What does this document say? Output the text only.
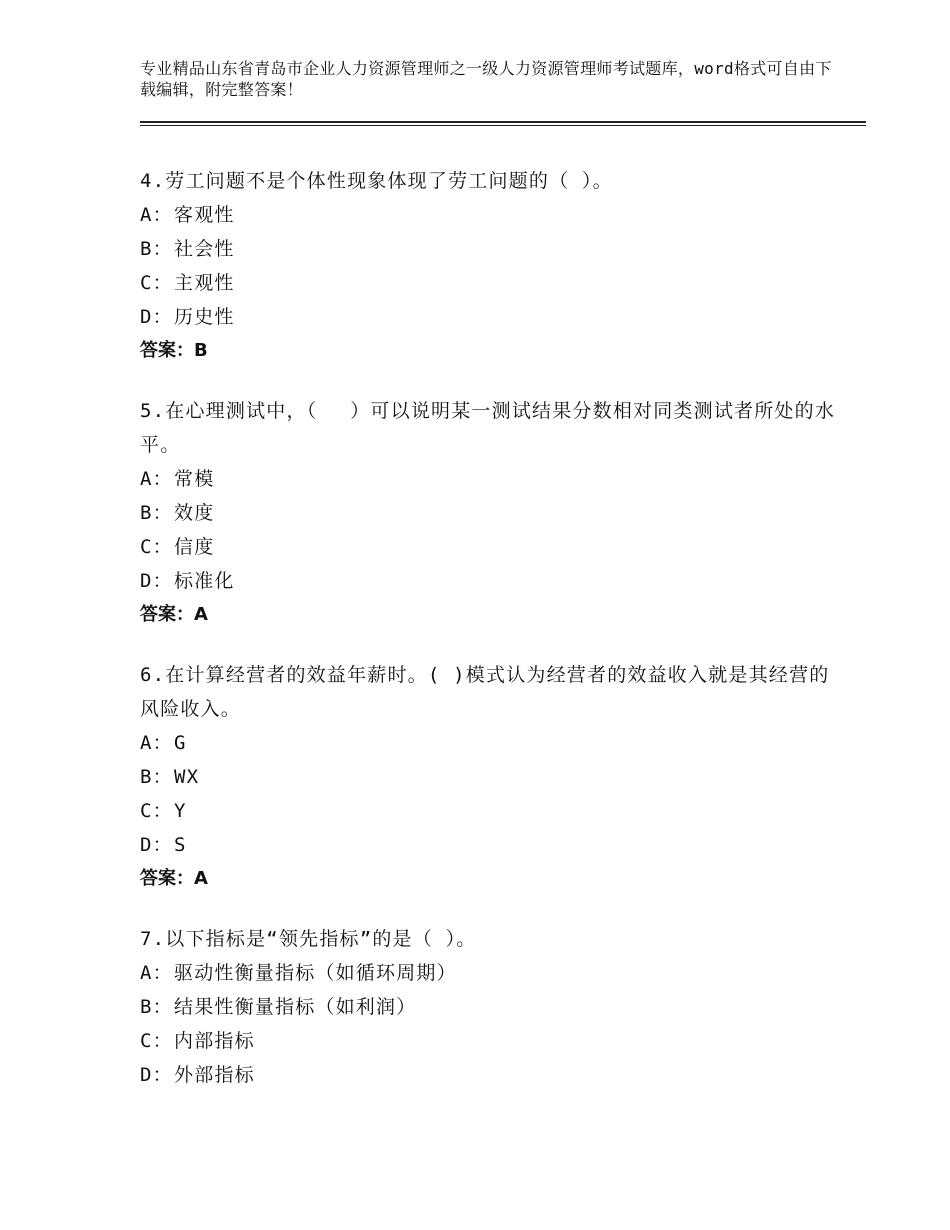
专业精品山东省青岛市企业人力资源管理师之一级人力资源管理师考试题库，word格式可自由下载编辑，附完整答案！

4.劳工问题不是个体性现象体现了劳工问题的（ ）。

A： 客观性

B： 社会性

C： 主观性

D： 历史性

答案：B

5.在心理测试中，（　 ）可以说明某一测试结果分数相对同类测试者所处的水平。

A： 常模

B： 效度

C： 信度

D： 标准化

答案：A

6.在计算经营者的效益年薪时。( )模式认为经营者的效益收入就是其经营的风险收入。

A： G

B： WX

C： Y

D： S

答案：A

7.以下指标是“领先指标”的是（ ）。

A： 驱动性衡量指标（如循环周期）

B： 结果性衡量指标（如利润）

C： 内部指标

D： 外部指标
